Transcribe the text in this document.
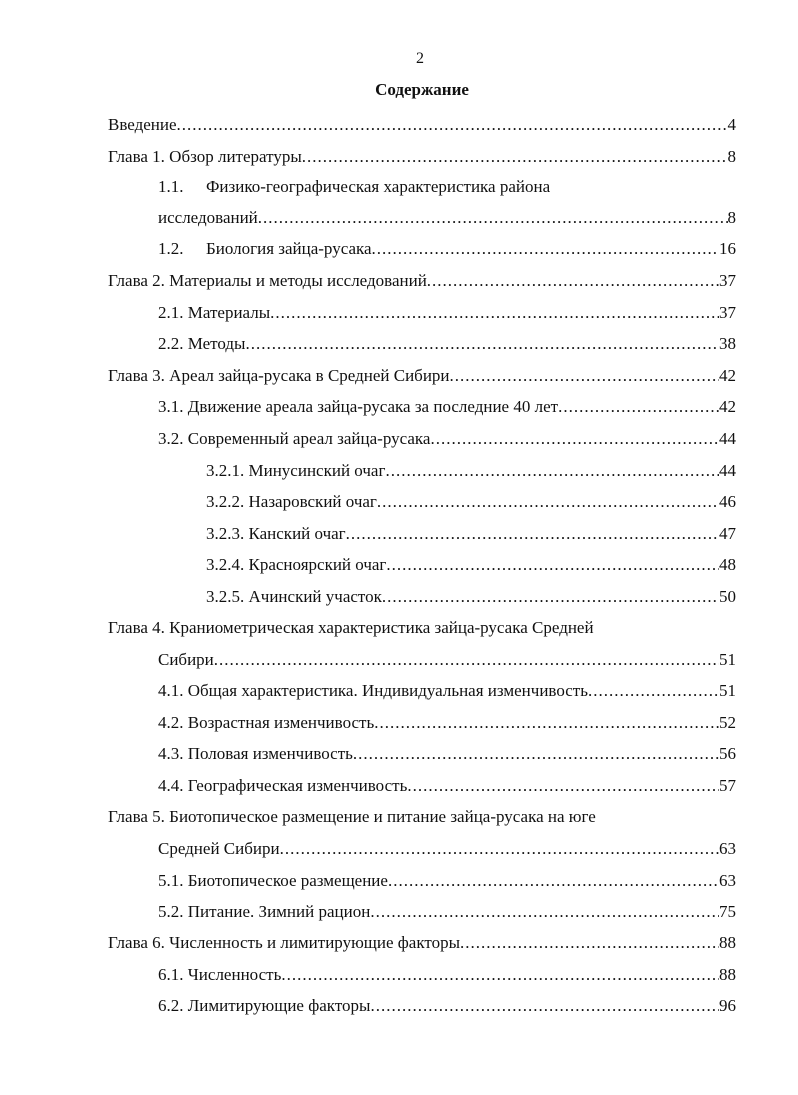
2
Содержание
Введение .....	4
Глава 1. Обзор литературы .....	8
1.1. Физико-географическая характеристика района
исследований .....	8
1.2. Биология зайца-русака .....	16
Глава 2. Материалы и методы исследований .....	37
2.1. Материалы .....	37
2.2. Методы .....	38
Глава 3. Ареал зайца-русака в Средней Сибири .....	42
3.1. Движение ареала зайца-русака за последние 40 лет .....	42
3.2. Современный ареал зайца-русака .....	44
3.2.1. Минусинский очаг .....	44
3.2.2. Назаровский очаг .....	46
3.2.3. Канский очаг .....	47
3.2.4. Красноярский очаг .....	48
3.2.5. Ачинский участок .....	50
Глава 4. Краниометрическая характеристика зайца-русака Средней
Сибири .....	51
4.1. Общая характеристика. Индивидуальная изменчивость .....	51
4.2. Возрастная изменчивость .....	52
4.3. Половая изменчивость .....	56
4.4. Географическая изменчивость .....	57
Глава 5. Биотопическое размещение и питание зайца-русака на юге
Средней Сибири .....	63
5.1. Биотопическое размещение .....	63
5.2. Питание. Зимний рацион .....	75
Глава 6. Численность и лимитирующие факторы .....	88
6.1. Численность .....	88
6.2. Лимитирующие факторы .....	96
